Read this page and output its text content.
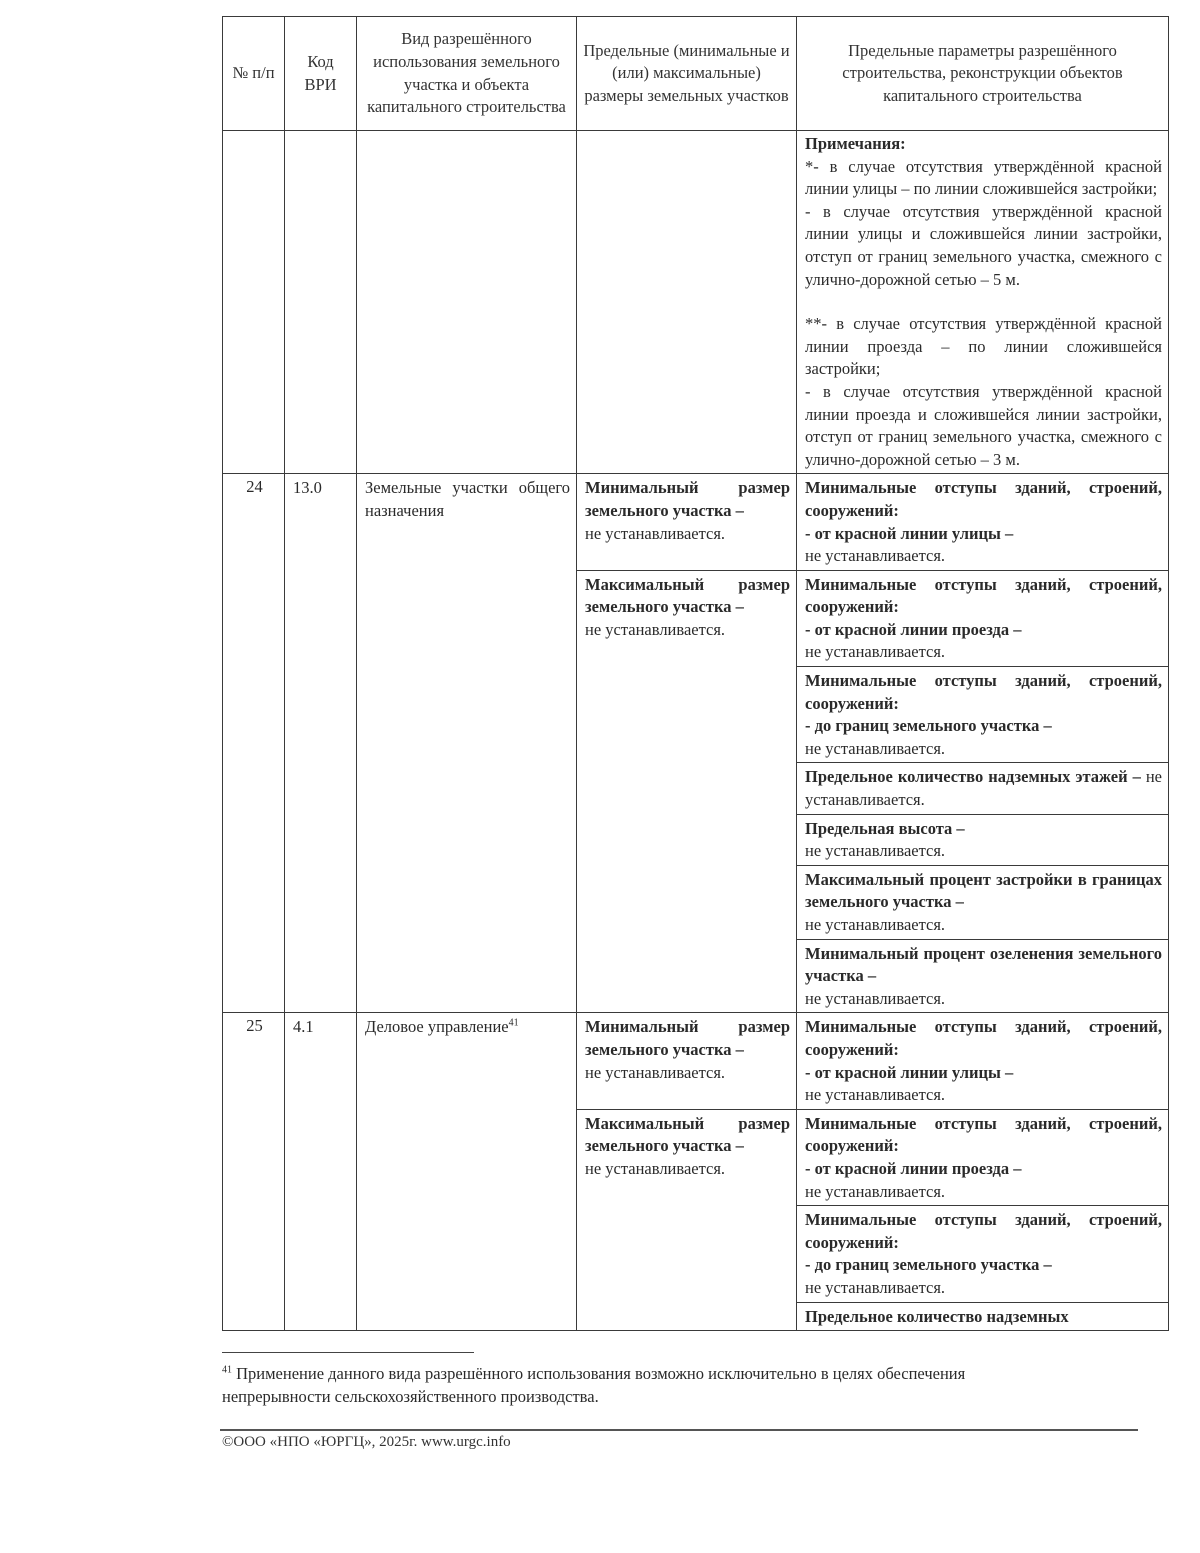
№ п/п	Код ВРИ	Вид разрешённого использования земельного участка и объекта капитального строительства	Предельные (минимальные и (или) максимальные) размеры земельных участков	Предельные параметры разрешённого строительства, реконструкции объектов капитального строительства

				Примечания:

*- в случае отсутствия утверждённой красной линии улицы – по линии сложившейся застройки;

- в случае отсутствия утверждённой красной линии улицы и сложившейся линии застройки, отступ от границ земельного участка, смежного с улично-дорожной сетью – 5 м.

**- в случае отсутствия утверждённой красной линии проезда – по линии сложившейся застройки;

- в случае отсутствия утверждённой красной линии проезда и сложившейся линии застройки, отступ от границ земельного участка, смежного с улично-дорожной сетью – 3 м.

24	13.0	Земельные участки общего назначения	Минимальный размер земельного участка –
не устанавливается.	Минимальные отступы зданий, строений, сооружений:
- от красной линии улицы –
не устанавливается.

			Максимальный размер земельного участка –
не устанавливается.	Минимальные отступы зданий, строений, сооружений:
- от красной линии проезда –
не устанавливается.

				Минимальные отступы зданий, строений, сооружений:
- до границ земельного участка –
не устанавливается.

				Предельное количество надземных этажей – не устанавливается.

				Предельная высота –
не устанавливается.

				Максимальный процент застройки в границах земельного участка –
не устанавливается.

				Минимальный процент озеленения земельного участка –
не устанавливается.

25	4.1	Деловое управление$^{41}$	Минимальный размер земельного участка –
не устанавливается.	Минимальные отступы зданий, строений, сооружений:
- от красной линии улицы –
не устанавливается.

			Максимальный размер земельного участка –
не устанавливается.	Минимальные отступы зданий, строений, сооружений:
- от красной линии проезда –
не устанавливается.

				Минимальные отступы зданий, строений, сооружений:
- до границ земельного участка –
не устанавливается.

				Предельное количество надземных

$^{41}$ Применение данного вида разрешённого использования возможно исключительно в целях обеспечения непрерывности сельскохозяйственного производства.
©ООО «НПО «ЮРГЦ», 2025г. www.urgc.info
